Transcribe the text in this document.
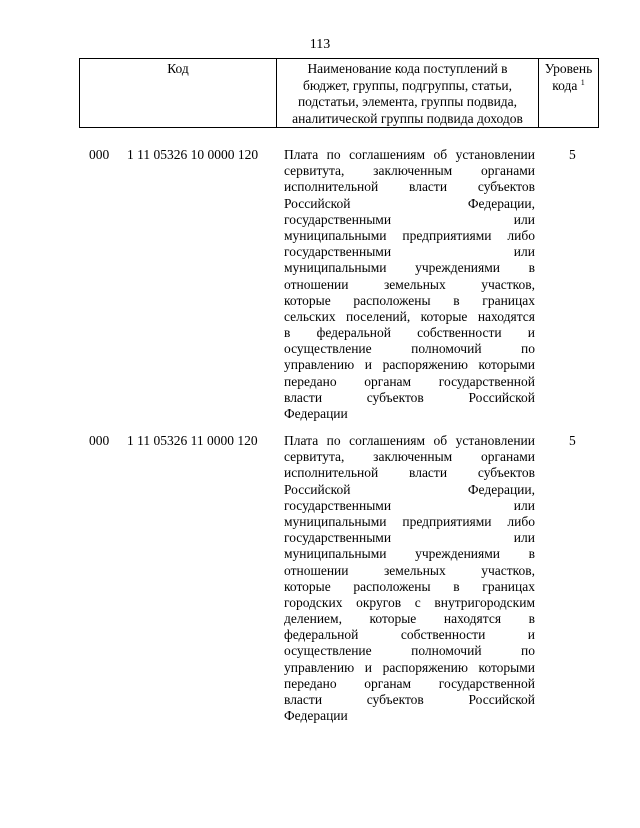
113
Код	Наименование кода поступлений в
бюджет, группы, подгруппы, статьи,
подстатьи, элемента, группы подвида,
аналитической группы подвида доходов
Уровень
кода $^1$
000 1 11 05326 10 0000 120 Плата по соглашениям об установлении
сервитута, заключенным органами
исполнительной власти субъектов
Российской Федерации,
государственными или
муниципальными предприятиями либо
государственными или
муниципальными учреждениями в
отношении земельных участков,
которые расположены в границах
сельских поселений, которые находятся
в федеральной собственности и
осуществление полномочий по
управлению и распоряжению которыми
передано органам государственной
власти субъектов Российской
Федерации
5
000 1 11 05326 11 0000 120 Плата по соглашениям об установлении
сервитута, заключенным органами
исполнительной власти субъектов
Российской Федерации,
государственными или
муниципальными предприятиями либо
государственными или
муниципальными учреждениями в
отношении земельных участков,
которые расположены в границах
городских округов с внутригородским
делением, которые находятся в
федеральной собственности и
осуществление полномочий по
управлению и распоряжению которыми
передано органам государственной
власти субъектов Российской
Федерации
5
